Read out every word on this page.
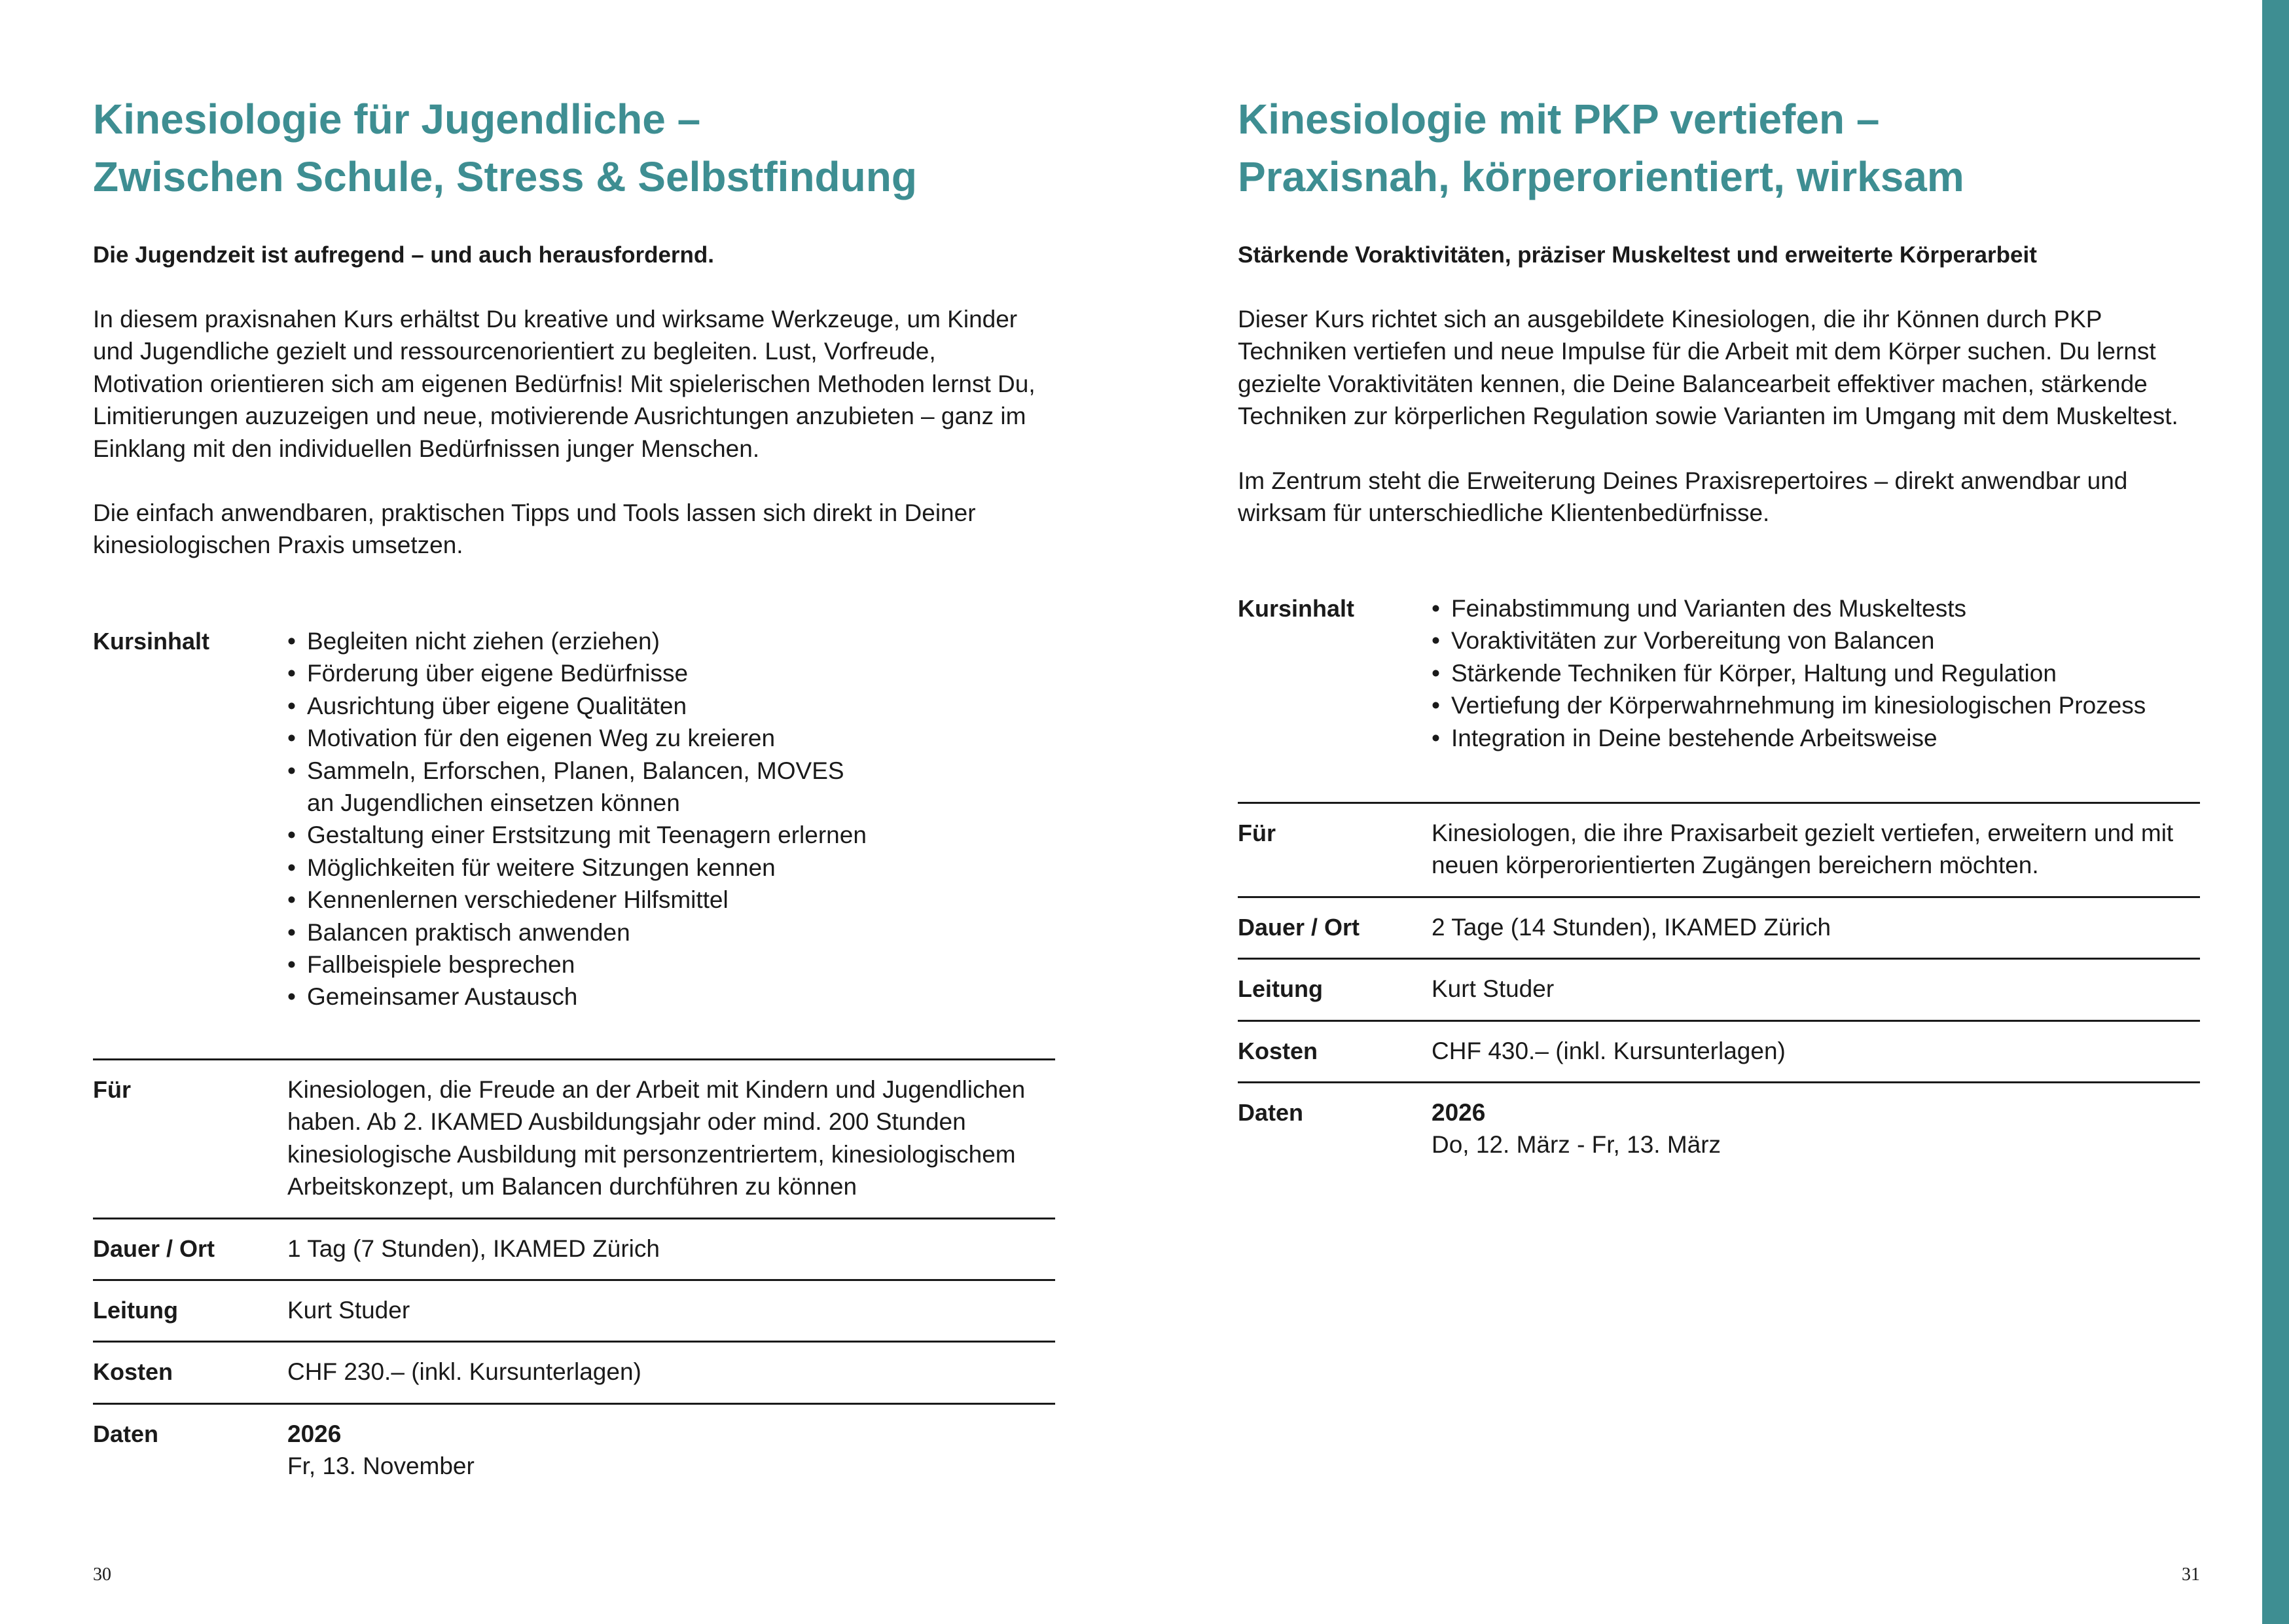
Kinesiologie für Jugendliche –
Zwischen Schule, Stress & Selbstfindung

Die Jugendzeit ist aufregend – und auch herausfordernd.

In diesem praxisnahen Kurs erhältst Du kreative und wirksame Werkzeuge, um Kinder und Jugendliche gezielt und ressourcenorientiert zu begleiten. Lust, Vorfreude, Motivation orientieren sich am eigenen Bedürfnis! Mit spielerischen Methoden lernst Du, Limitierungen auzuzeigen und neue, motivierende Ausrichtungen anzubieten – ganz im Einklang mit den individuellen Bedürfnissen junger Menschen.

Die einfach anwendbaren, praktischen Tipps und Tools lassen sich direkt in Deiner kinesiologischen Praxis umsetzen.

Kursinhalt	• Begleiten nicht ziehen (erziehen)
• Förderung über eigene Bedürfnisse
• Ausrichtung über eigene Qualitäten
• Motivation für den eigenen Weg zu kreieren
• Sammeln, Erforschen, Planen, Balancen, MOVES an Jugendlichen einsetzen können
• Gestaltung einer Erstsitzung mit Teenagern erlernen
• Möglichkeiten für weitere Sitzungen kennen
• Kennenlernen verschiedener Hilfsmittel
• Balancen praktisch anwenden
• Fallbeispiele besprechen
• Gemeinsamer Austausch
Für	Kinesiologen, die Freude an der Arbeit mit Kindern und Jugendlichen haben. Ab 2. IKAMED Ausbildungsjahr oder mind. 200 Stunden kinesiologische Ausbildung mit personzentriertem, kinesiologischem Arbeitskonzept, um Balancen durchführen zu können
Dauer / Ort	1 Tag (7 Stunden), IKAMED Zürich
Leitung	Kurt Studer
Kosten	CHF 230.– (inkl. Kursunterlagen)
Daten	2026
Fr, 13. November
30
Kinesiologie mit PKP vertiefen –
Praxisnah, körperorientiert, wirksam

Stärkende Voraktivitäten, präziser Muskeltest und erweiterte Körperarbeit

Dieser Kurs richtet sich an ausgebildete Kinesiologen, die ihr Können durch PKP Techniken vertiefen und neue Impulse für die Arbeit mit dem Körper suchen. Du lernst gezielte Voraktivitäten kennen, die Deine Balancearbeit effektiver machen, stärkende Techniken zur körperlichen Regulation sowie Varianten im Umgang mit dem Muskeltest.

Im Zentrum steht die Erweiterung Deines Praxisrepertoires – direkt anwendbar und wirksam für unterschiedliche Klientenbedürfnisse.

Kursinhalt	• Feinabstimmung und Varianten des Muskeltests
• Voraktivitäten zur Vorbereitung von Balancen
• Stärkende Techniken für Körper, Haltung und Regulation
• Vertiefung der Körperwahrnehmung im kinesiologischen Prozess
• Integration in Deine bestehende Arbeitsweise
Für	Kinesiologen, die ihre Praxisarbeit gezielt vertiefen, erweitern und mit neuen körperorientierten Zugängen bereichern möchten.
Dauer / Ort	2 Tage (14 Stunden), IKAMED Zürich
Leitung	Kurt Studer
Kosten	CHF 430.– (inkl. Kursunterlagen)
Daten	2026
Do, 12. März - Fr, 13. März
31
